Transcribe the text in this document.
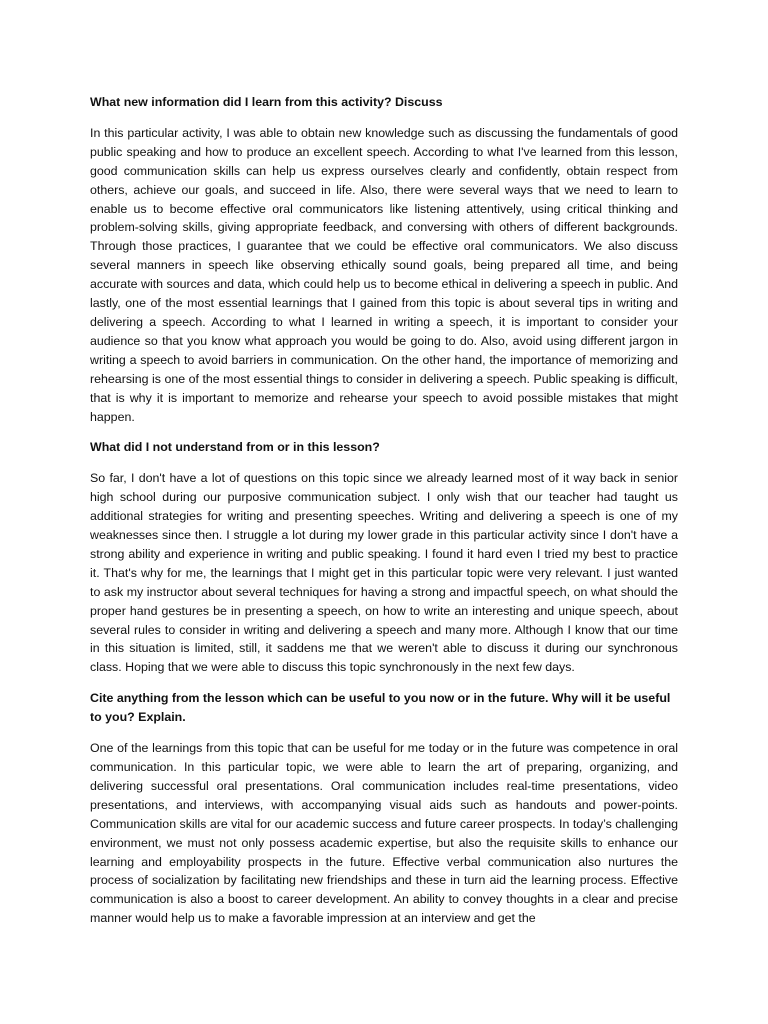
What new information did I learn from this activity? Discuss
In this particular activity, I was able to obtain new knowledge such as discussing the fundamentals of good public speaking and how to produce an excellent speech. According to what I've learned from this lesson, good communication skills can help us express ourselves clearly and confidently, obtain respect from others, achieve our goals, and succeed in life. Also, there were several ways that we need to learn to enable us to become effective oral communicators like listening attentively, using critical thinking and problem-solving skills, giving appropriate feedback, and conversing with others of different backgrounds. Through those practices, I guarantee that we could be effective oral communicators. We also discuss several manners in speech like observing ethically sound goals, being prepared all time, and being accurate with sources and data, which could help us to become ethical in delivering a speech in public. And lastly, one of the most essential learnings that I gained from this topic is about several tips in writing and delivering a speech. According to what I learned in writing a speech, it is important to consider your audience so that you know what approach you would be going to do. Also, avoid using different jargon in writing a speech to avoid barriers in communication. On the other hand, the importance of memorizing and rehearsing is one of the most essential things to consider in delivering a speech. Public speaking is difficult, that is why it is important to memorize and rehearse your speech to avoid possible mistakes that might happen.
What did I not understand from or in this lesson?
So far, I don't have a lot of questions on this topic since we already learned most of it way back in senior high school during our purposive communication subject. I only wish that our teacher had taught us additional strategies for writing and presenting speeches. Writing and delivering a speech is one of my weaknesses since then. I struggle a lot during my lower grade in this particular activity since I don't have a strong ability and experience in writing and public speaking. I found it hard even I tried my best to practice it. That's why for me, the learnings that I might get in this particular topic were very relevant. I just wanted to ask my instructor about several techniques for having a strong and impactful speech, on what should the proper hand gestures be in presenting a speech, on how to write an interesting and unique speech, about several rules to consider in writing and delivering a speech and many more. Although I know that our time in this situation is limited, still, it saddens me that we weren't able to discuss it during our synchronous class. Hoping that we were able to discuss this topic synchronously in the next few days.
Cite anything from the lesson which can be useful to you now or in the future. Why will it be useful to you? Explain.
One of the learnings from this topic that can be useful for me today or in the future was competence in oral communication. In this particular topic, we were able to learn the art of preparing, organizing, and delivering successful oral presentations. Oral communication includes real-time presentations, video presentations, and interviews, with accompanying visual aids such as handouts and power-points. Communication skills are vital for our academic success and future career prospects. In today’s challenging environment, we must not only possess academic expertise, but also the requisite skills to enhance our learning and employability prospects in the future. Effective verbal communication also nurtures the process of socialization by facilitating new friendships and these in turn aid the learning process. Effective communication is also a boost to career development. An ability to convey thoughts in a clear and precise manner would help us to make a favorable impression at an interview and get the
